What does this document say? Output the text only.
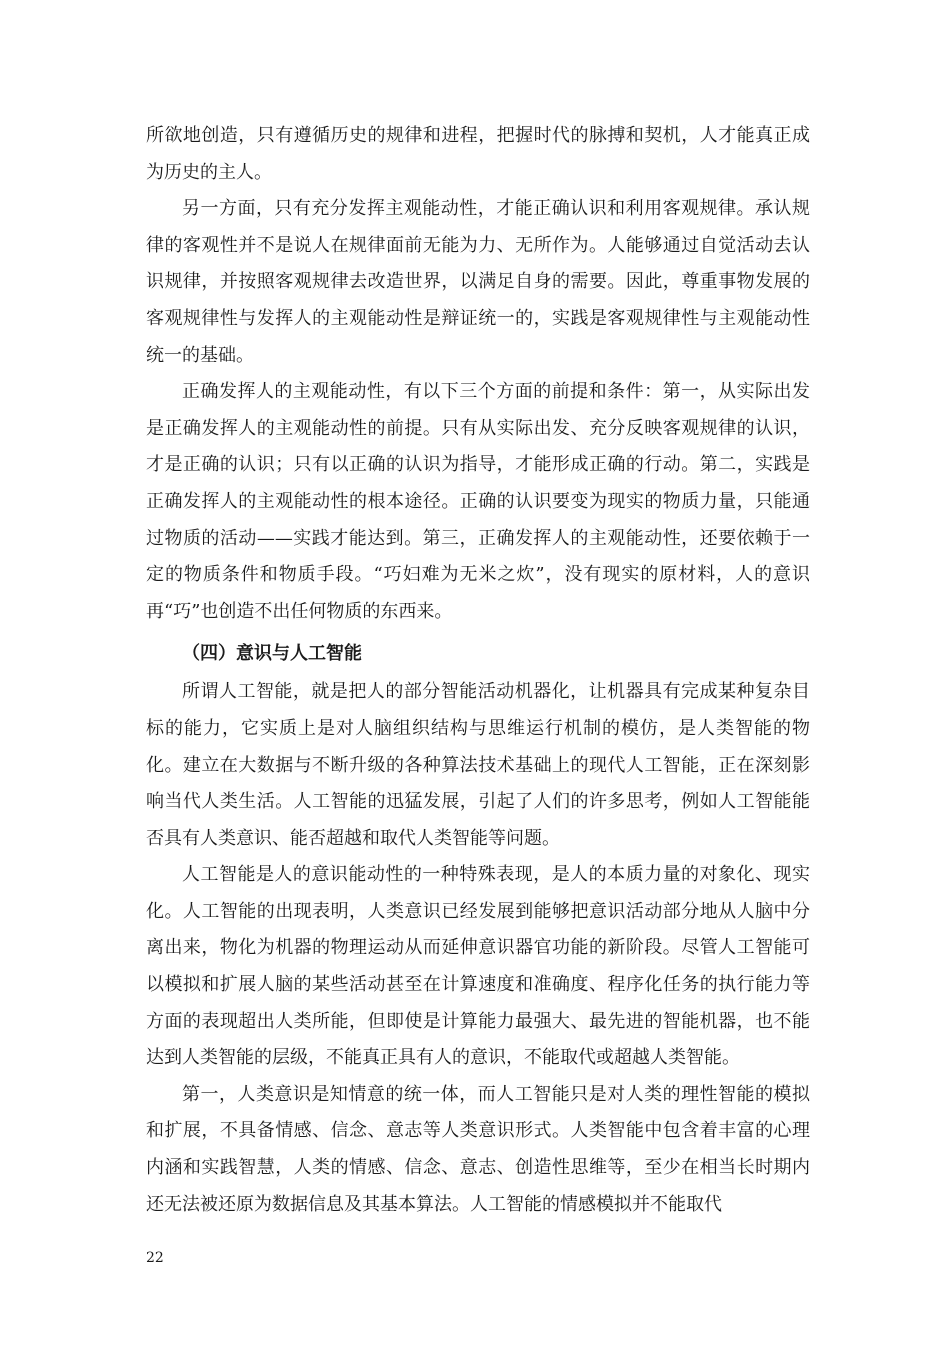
所欲地创造，只有遵循历史的规律和进程，把握时代的脉搏和契机，人才能真正成为历史的主人。

另一方面，只有充分发挥主观能动性，才能正确认识和利用客观规律。承认规律的客观性并不是说人在规律面前无能为力、无所作为。人能够通过自觉活动去认识规律，并按照客观规律去改造世界，以满足自身的需要。因此，尊重事物发展的客观规律性与发挥人的主观能动性是辩证统一的，实践是客观规律性与主观能动性统一的基础。

正确发挥人的主观能动性，有以下三个方面的前提和条件：第一，从实际出发是正确发挥人的主观能动性的前提。只有从实际出发、充分反映客观规律的认识，才是正确的认识；只有以正确的认识为指导，才能形成正确的行动。第二，实践是正确发挥人的主观能动性的根本途径。正确的认识要变为现实的物质力量，只能通过物质的活动——实践才能达到。第三，正确发挥人的主观能动性，还要依赖于一定的物质条件和物质手段。“巧妇难为无米之炊”，没有现实的原材料，人的意识再“巧”也创造不出任何物质的东西来。

（四）意识与人工智能

所谓人工智能，就是把人的部分智能活动机器化，让机器具有完成某种复杂目标的能力，它实质上是对人脑组织结构与思维运行机制的模仿，是人类智能的物化。建立在大数据与不断升级的各种算法技术基础上的现代人工智能，正在深刻影响当代人类生活。人工智能的迅猛发展，引起了人们的许多思考，例如人工智能能否具有人类意识、能否超越和取代人类智能等问题。

人工智能是人的意识能动性的一种特殊表现，是人的本质力量的对象化、现实化。人工智能的出现表明，人类意识已经发展到能够把意识活动部分地从人脑中分离出来，物化为机器的物理运动从而延伸意识器官功能的新阶段。尽管人工智能可以模拟和扩展人脑的某些活动甚至在计算速度和准确度、程序化任务的执行能力等方面的表现超出人类所能，但即使是计算能力最强大、最先进的智能机器，也不能达到人类智能的层级，不能真正具有人的意识，不能取代或超越人类智能。

第一，人类意识是知情意的统一体，而人工智能只是对人类的理性智能的模拟和扩展，不具备情感、信念、意志等人类意识形式。人类智能中包含着丰富的心理内涵和实践智慧，人类的情感、信念、意志、创造性思维等，至少在相当长时期内还无法被还原为数据信息及其基本算法。人工智能的情感模拟并不能取代

22
